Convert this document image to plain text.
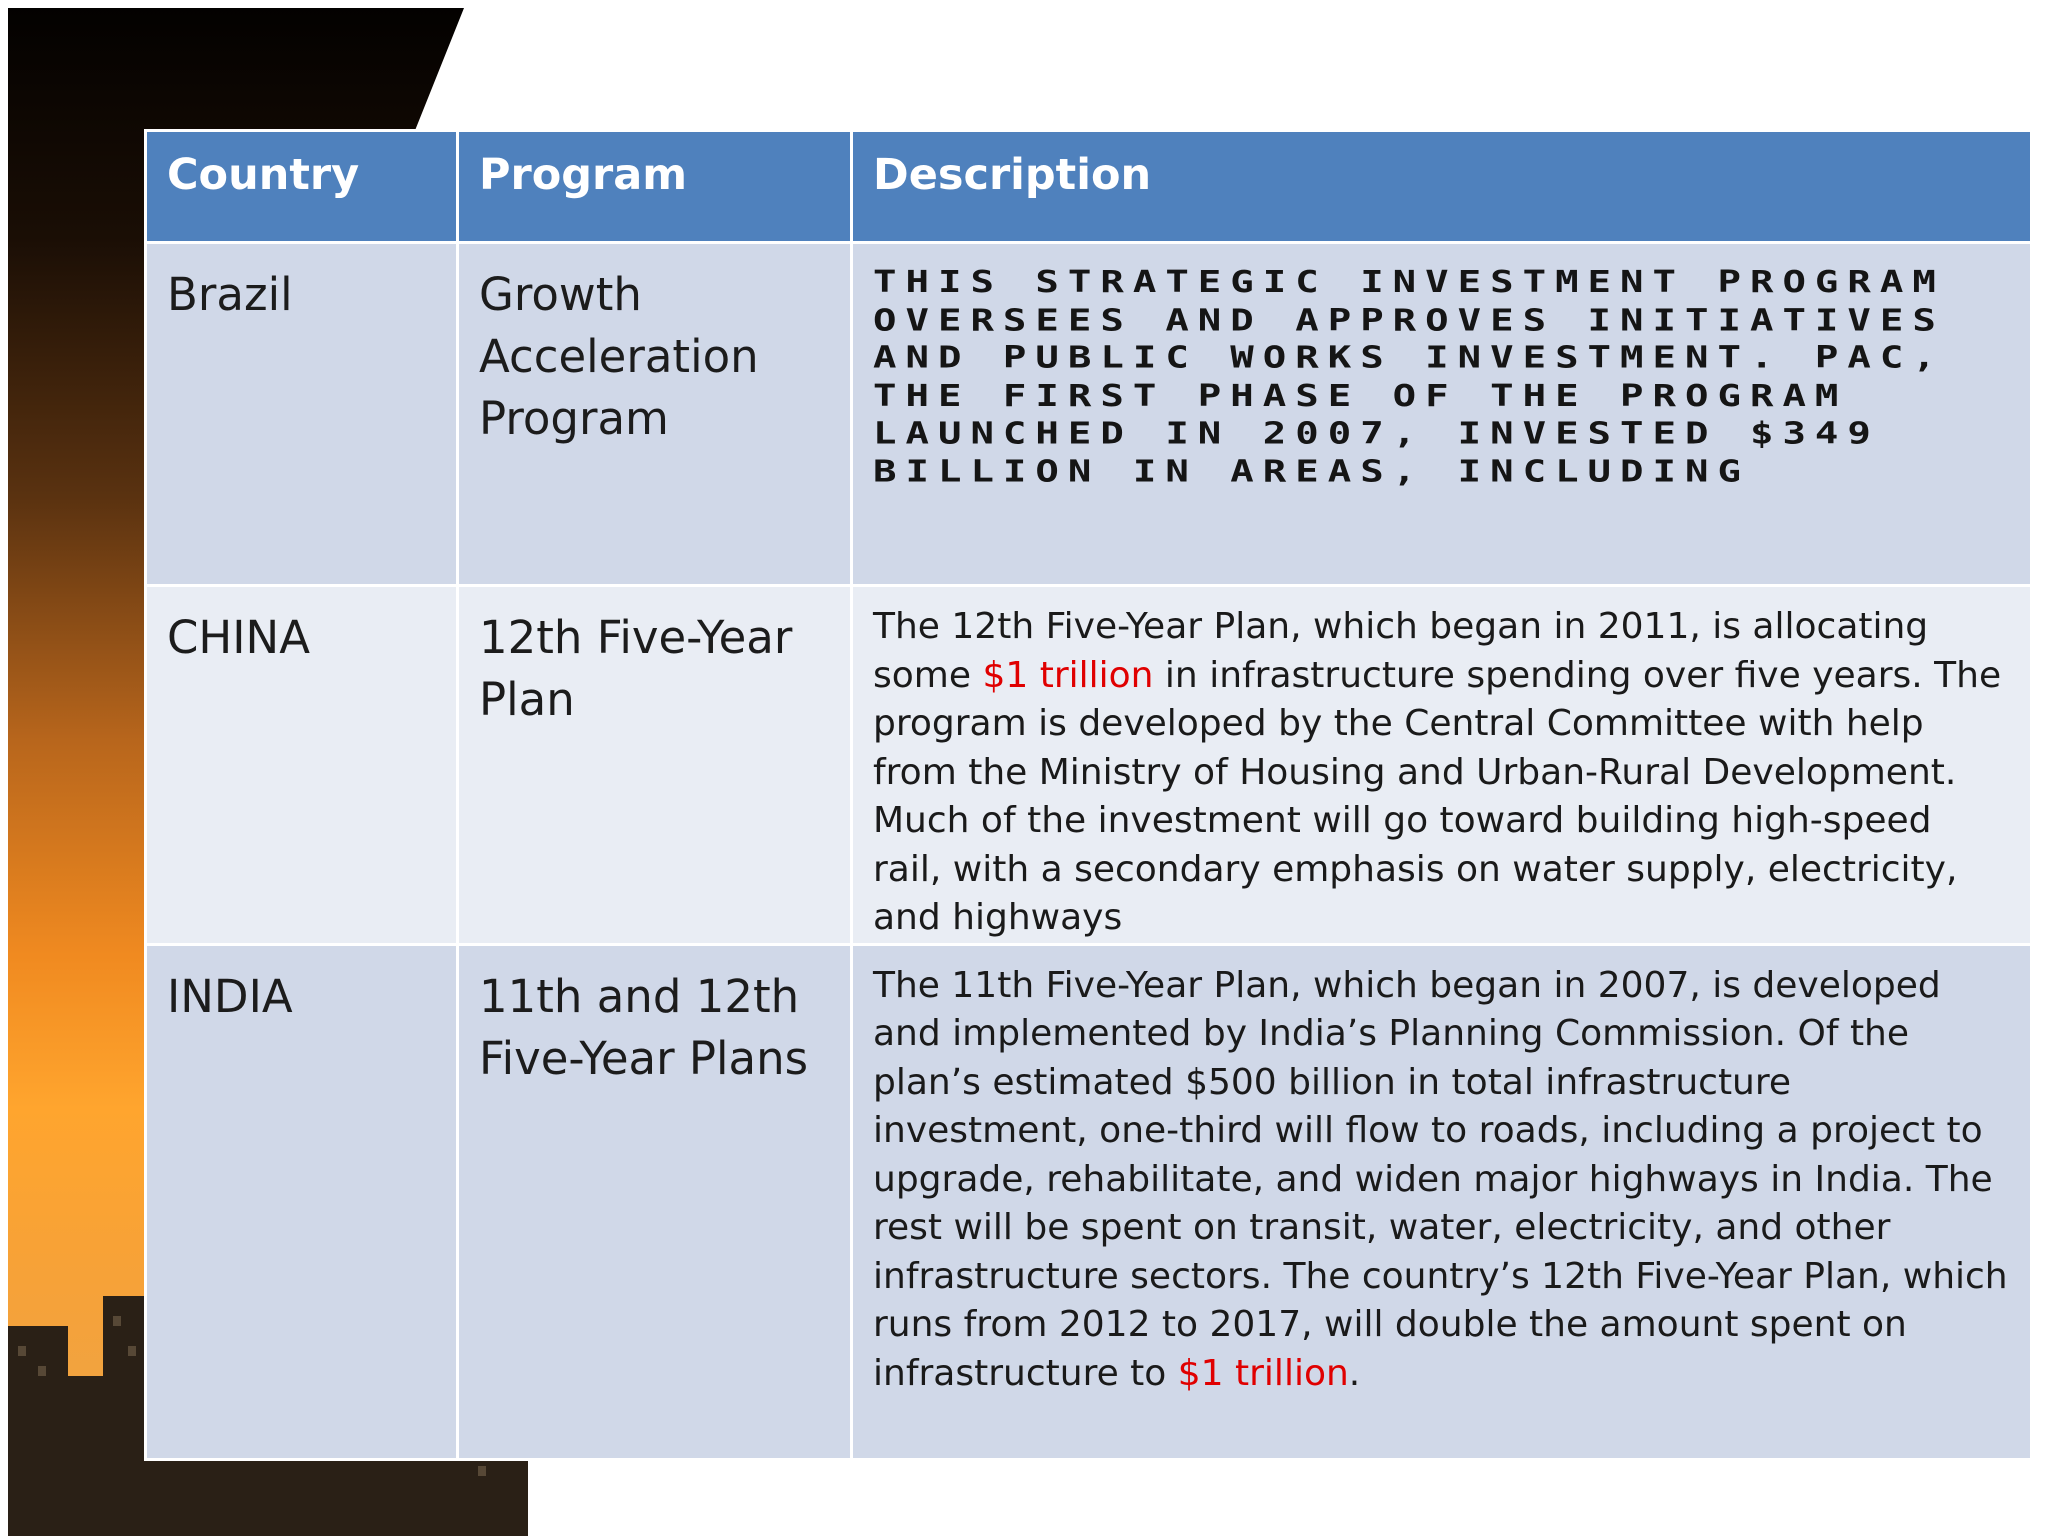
Country	Program	Description

Brazil	Growth Acceleration Program	THIS STRATEGIC INVESTMENT PROGRAM OVERSEES AND APPROVES INITIATIVES AND PUBLIC WORKS INVESTMENT. PAC, THE FIRST PHASE OF THE PROGRAM LAUNCHED IN 2007, INVESTED $349 BILLION IN AREAS, INCLUDING

CHINA	12th Five-Year Plan	The 12th Five-Year Plan, which began in 2011, is allocating some $1 trillion in infrastructure spending over five years. The program is developed by the Central Committee with help from the Ministry of Housing and Urban-Rural Development. Much of the investment will go toward building high-speed rail, with a secondary emphasis on water supply, electricity, and highways

INDIA	11th and 12th Five-Year Plans	The 11th Five-Year Plan, which began in 2007, is developed and implemented by India’s Planning Commission. Of the plan’s estimated $500 billion in total infrastructure investment, one-third will flow to roads, including a project to upgrade, rehabilitate, and widen major highways in India. The rest will be spent on transit, water, electricity, and other infrastructure sectors. The country’s 12th Five-Year Plan, which runs from 2012 to 2017, will double the amount spent on infrastructure to $1 trillion.
